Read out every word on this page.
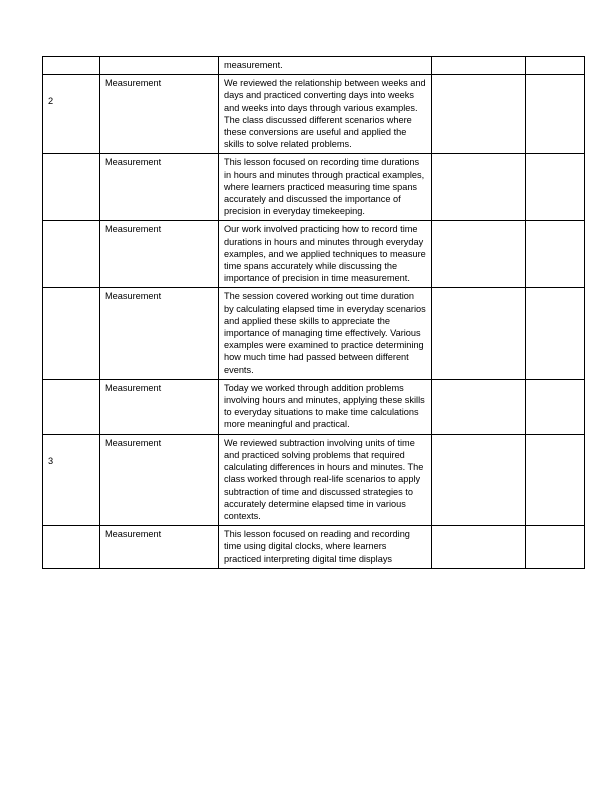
		measurement.		
2	Measurement	We reviewed the relationship between weeks and days and practiced converting days into weeks and weeks into days through various examples. The class discussed different scenarios where these conversions are useful and applied the skills to solve related problems.		
	Measurement	This lesson focused on recording time durations in hours and minutes through practical examples, where learners practiced measuring time spans accurately and discussed the importance of precision in everyday timekeeping.		
	Measurement	Our work involved practicing how to record time durations in hours and minutes through everyday examples, and we applied techniques to measure time spans accurately while discussing the importance of precision in time measurement.		
	Measurement	The session covered working out time duration by calculating elapsed time in everyday scenarios and applied these skills to appreciate the importance of managing time effectively. Various examples were examined to practice determining how much time had passed between different events.		
	Measurement	Today we worked through addition problems involving hours and minutes, applying these skills to everyday situations to make time calculations more meaningful and practical.		
3	Measurement	We reviewed subtraction involving units of time and practiced solving problems that required calculating differences in hours and minutes. The class worked through real-life scenarios to apply subtraction of time and discussed strategies to accurately determine elapsed time in various contexts.		
	Measurement	This lesson focused on reading and recording time using digital clocks, where learners practiced interpreting digital time displays		
